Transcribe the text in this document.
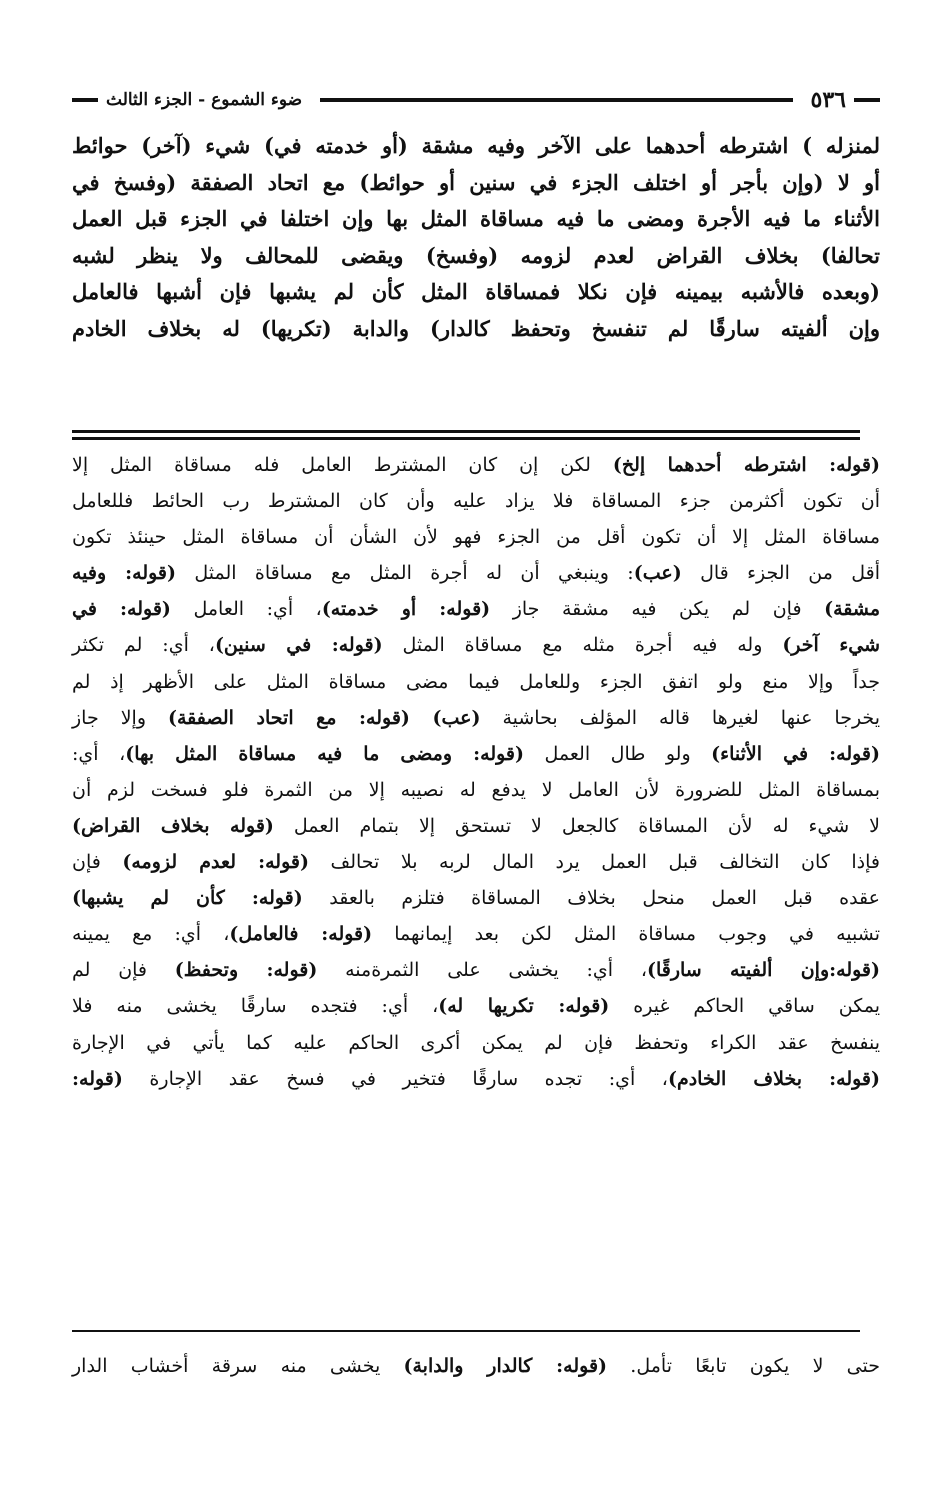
٥٣٦
ضوء الشموع - الجزء الثالث
لمنزله ) اشترطه أحدهما على الآخر وفيه مشقة (أو خدمته في) شيء (آخر) حوائط
أو لا (وإن بأجر أو اختلف الجزء في سنين أو حوائط) مع اتحاد الصفقة (وفسخ في
الأثناء ما فيه الأجرة ومضى ما فيه مساقاة المثل بها وإن اختلفا في الجزء قبل العمل
تحالفا) بخلاف القراض لعدم لزومه (وفسخ) ويقضى للمحالف ولا ينظر لشبه
(وبعده فالأشبه بيمينه فإن نكلا فمساقاة المثل كأن لم يشبها فإن أشبها فالعامل
وإن ألفيته سارقًا لم تنفسخ وتحفظ كالدار) والدابة (تكريها) له بخلاف الخادم
(قوله: اشترطه أحدهما إلخ) لكن إن كان المشترط العامل فله مساقاة المثل إلا
أن تكون أكثرمن جزء المساقاة فلا يزاد عليه وأن كان المشترط رب الحائط فللعامل
مساقاة المثل إلا أن تكون أقل من الجزء فهو لأن الشأن أن مساقاة المثل حينئذ تكون
أقل من الجزء قال (عب): وينبغي أن له أجرة المثل مع مساقاة المثل (قوله: وفيه
مشقة) فإن لم يكن فيه مشقة جاز (قوله: أو خدمته)، أي: العامل (قوله: في
شيء آخر) وله فيه أجرة مثله مع مساقاة المثل (قوله: في سنين)، أي: لم تكثر
جداً وإلا منع ولو اتفق الجزء وللعامل فيما مضى مساقاة المثل على الأظهر إذ لم
يخرجا عنها لغيرها قاله المؤلف بحاشية (عب) (قوله: مع اتحاد الصفقة) وإلا جاز
(قوله: في الأثناء) ولو طال العمل (قوله: ومضى ما فيه مساقاة المثل بها)، أي:
بمساقاة المثل للضرورة لأن العامل لا يدفع له نصيبه إلا من الثمرة فلو فسخت لزم أن
لا شيء له لأن المساقاة كالجعل لا تستحق إلا بتمام العمل (قوله بخلاف القراض)
فإذا كان التخالف قبل العمل يرد المال لربه بلا تحالف (قوله: لعدم لزومه) فإن
عقده قبل العمل منحل بخلاف المساقاة فتلزم بالعقد (قوله: كأن لم يشبها)
تشبيه في وجوب مساقاة المثل لكن بعد إيمانهما (قوله: فالعامل)، أي: مع يمينه
(قوله:وإن ألفيته سارقًا)، أي: يخشى على الثمرةمنه (قوله: وتحفظ) فإن لم
يمكن ساقي الحاكم غيره (قوله: تكريها له)، أي: فتجده سارقًا يخشى منه فلا
ينفسخ عقد الكراء وتحفظ فإن لم يمكن أكرى الحاكم عليه كما يأتي في الإجارة
(قوله: بخلاف الخادم)، أي: تجده سارقًا فتخير في فسخ عقد الإجارة (قوله:
حتى لا يكون تابعًا تأمل. (قوله: كالدار والدابة) يخشى منه سرقة أخشاب الدار
